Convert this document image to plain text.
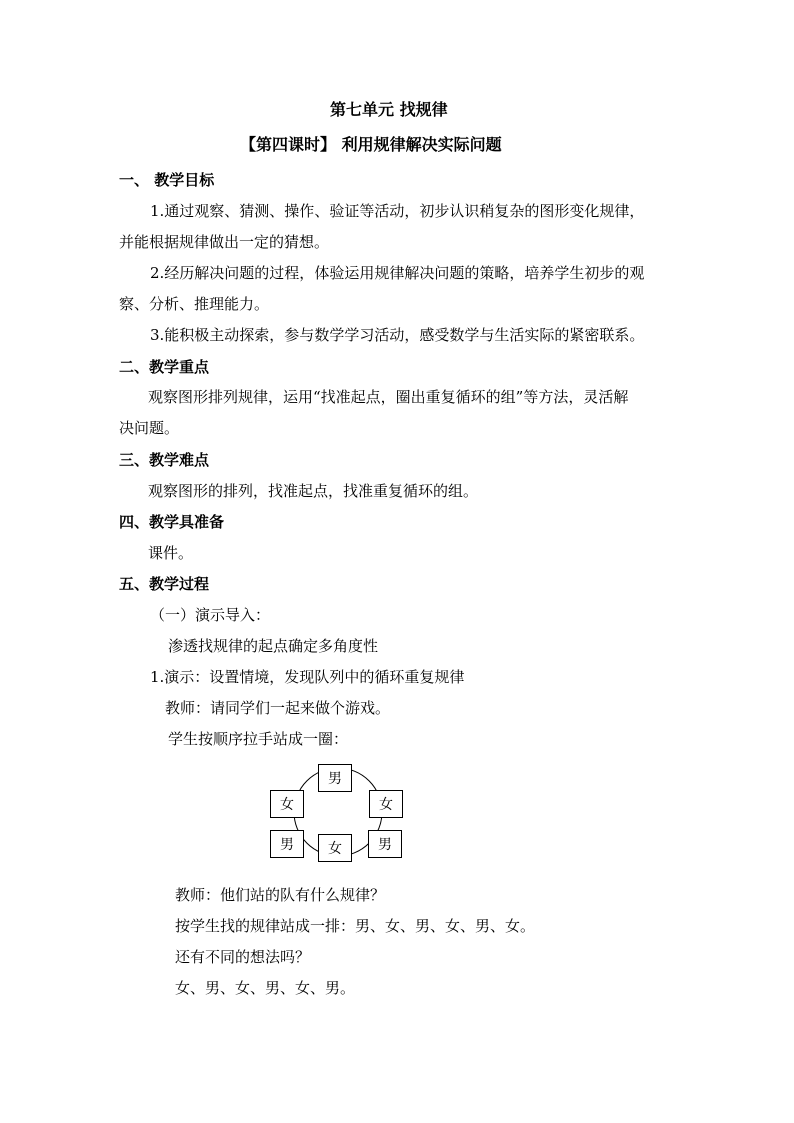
第七单元 找规律
【第四课时】 利用规律解决实际问题
一、 教学目标
1.通过观察、猜测、操作、验证等活动，初步认识稍复杂的图形变化规律，
并能根据规律做出一定的猜想。
2.经历解决问题的过程，体验运用规律解决问题的策略，培养学生初步的观
察、分析、推理能力。
3.能积极主动探索，参与数学学习活动，感受数学与生活实际的紧密联系。
二、教学重点
观察图形排列规律，运用“找准起点，圈出重复循环的组”等方法，灵活解
决问题。
三、教学难点
观察图形的排列，找准起点，找准重复循环的组。
四、教学具准备
课件。
五、教学过程
（一）演示导入：
渗透找规律的起点确定多角度性
1.演示：设置情境，发现队列中的循环重复规律
教师：请同学们一起来做个游戏。
学生按顺序拉手站成一圈：
男
女
男
女
男
女
教师：他们站的队有什么规律？
按学生找的规律站成一排：男、女、男、女、男、女。
还有不同的想法吗？
女、男、女、男、女、男。
